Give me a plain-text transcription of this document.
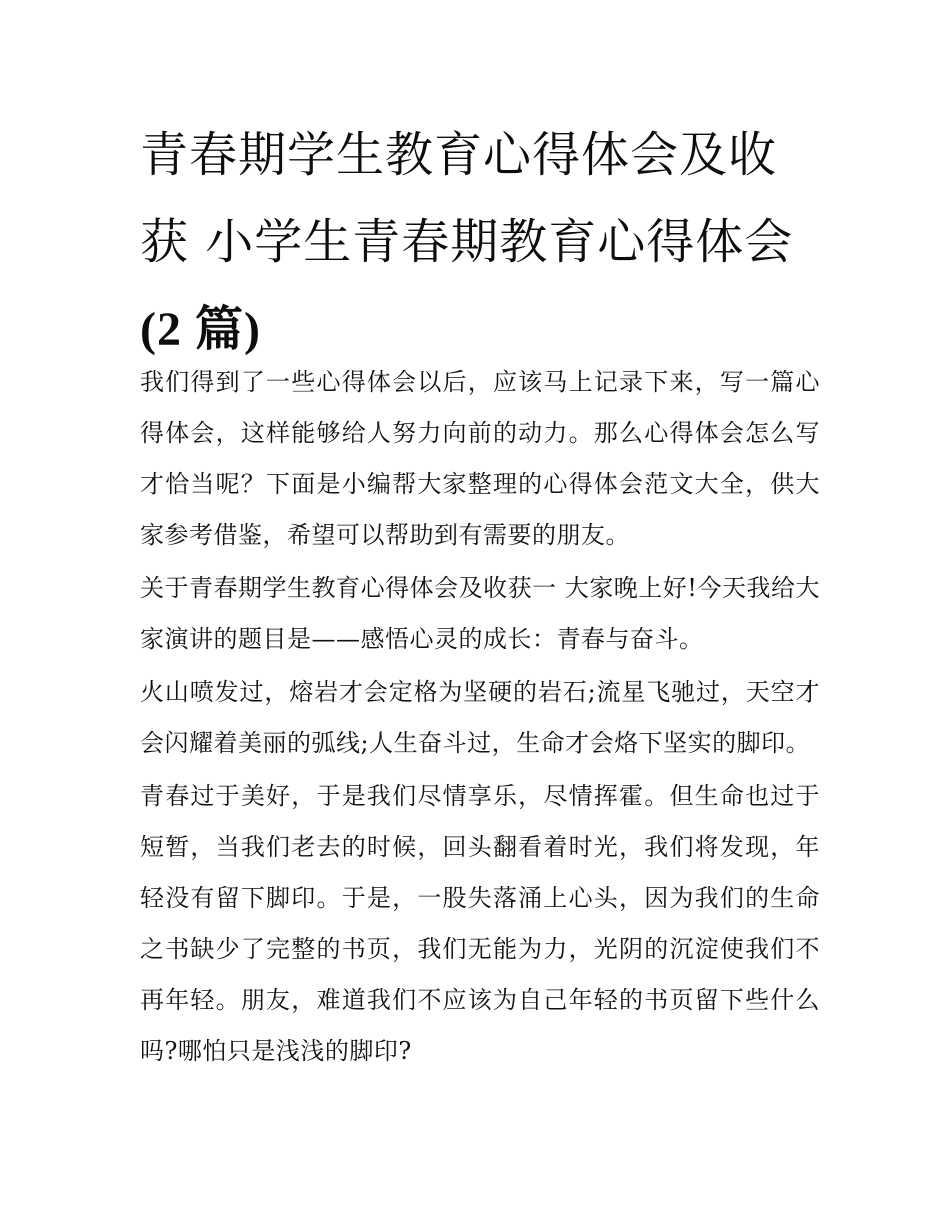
青春期学生教育心得体会及收
获 小学生青春期教育心得体会
(2 篇)

我们得到了一些心得体会以后，应该马上记录下来，写一篇心得体会，这样能够给人努力向前的动力。那么心得体会怎么写才恰当呢？下面是小编帮大家整理的心得体会范文大全，供大家参考借鉴，希望可以帮助到有需要的朋友。

关于青春期学生教育心得体会及收获一 大家晚上好!今天我给大家演讲的题目是——感悟心灵的成长：青春与奋斗。

火山喷发过，熔岩才会定格为坚硬的岩石;流星飞驰过，天空才会闪耀着美丽的弧线;人生奋斗过，生命才会烙下坚实的脚印。

青春过于美好，于是我们尽情享乐，尽情挥霍。但生命也过于短暂，当我们老去的时候，回头翻看着时光，我们将发现，年轻没有留下脚印。于是，一股失落涌上心头，因为我们的生命之书缺少了完整的书页，我们无能为力，光阴的沉淀使我们不再年轻。朋友，难道我们不应该为自己年轻的书页留下些什么吗?哪怕只是浅浅的脚印?
